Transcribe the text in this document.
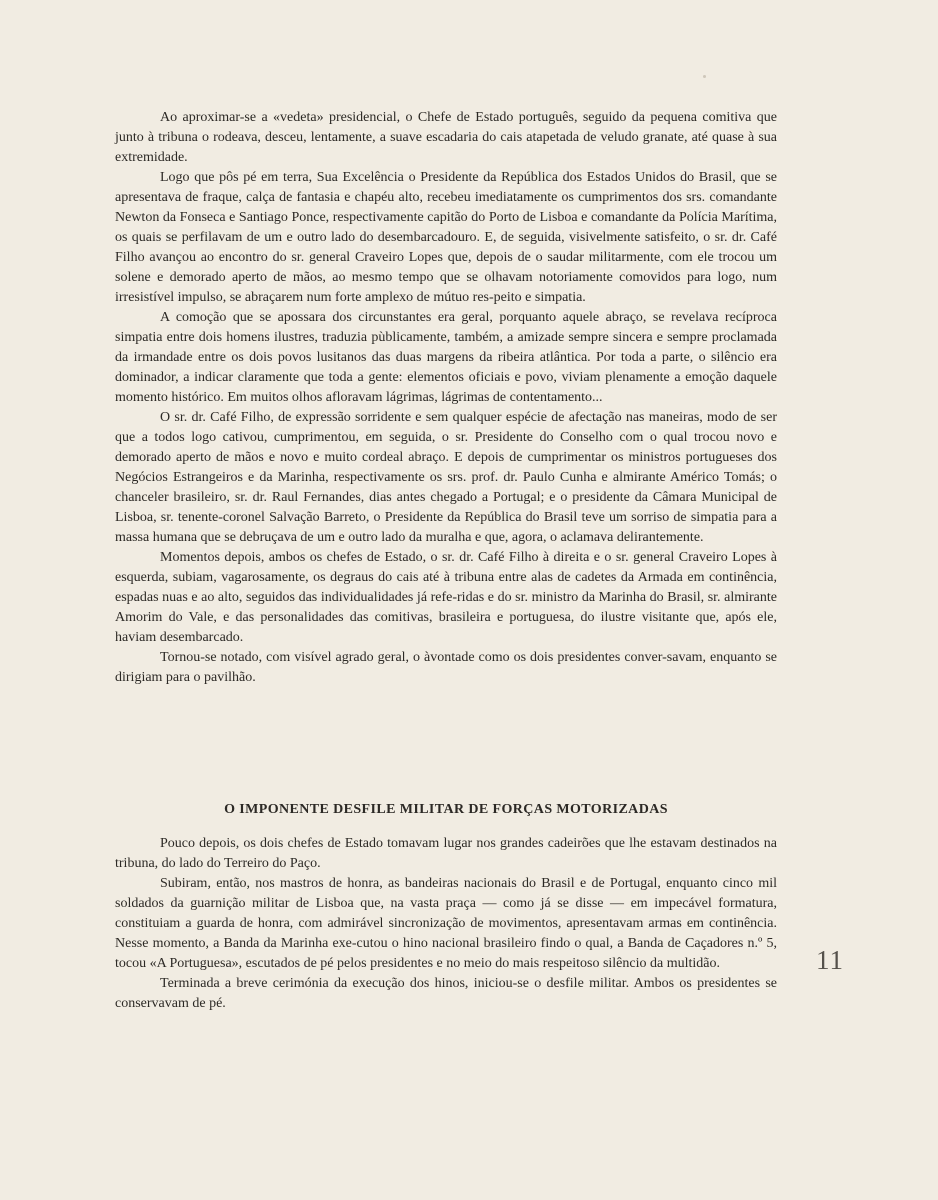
Ao aproximar-se a «vedeta» presidencial, o Chefe de Estado português, seguido da pequena comitiva que junto à tribuna o rodeava, desceu, lentamente, a suave escadaria do cais atapetada de veludo granate, até quase à sua extremidade.

Logo que pôs pé em terra, Sua Excelência o Presidente da República dos Estados Unidos do Brasil, que se apresentava de fraque, calça de fantasia e chapéu alto, recebeu imediatamente os cumprimentos dos srs. comandante Newton da Fonseca e Santiago Ponce, respectivamente capitão do Porto de Lisboa e comandante da Polícia Marítima, os quais se perfilavam de um e outro lado do desembarcadouro. E, de seguida, visivelmente satisfeito, o sr. dr. Café Filho avançou ao encontro do sr. general Craveiro Lopes que, depois de o saudar militarmente, com ele trocou um solene e demorado aperto de mãos, ao mesmo tempo que se olhavam notoriamente comovidos para logo, num irresistível impulso, se abraçarem num forte amplexo de mútuo res-​peito e simpatia.

A comoção que se apossara dos circunstantes era geral, porquanto aquele abraço, se revelava recíproca simpatia entre dois homens ilustres, traduzia pùblicamente, também, a amizade sempre sincera e sempre proclamada da irmandade entre os dois povos lusitanos das duas margens da ribeira atlântica. Por toda a parte, o silêncio era dominador, a indicar claramente que toda a gente: elementos oficiais e povo, viviam plenamente a emoção daquele momento histórico. Em muitos olhos afloravam lágrimas, lágrimas de contentamento...

O sr. dr. Café Filho, de expressão sorridente e sem qualquer espécie de afectação nas maneiras, modo de ser que a todos logo cativou, cumprimentou, em seguida, o sr. Presidente do Conselho com o qual trocou novo e demorado aperto de mãos e novo e muito cordeal abraço. E depois de cumprimentar os ministros portugueses dos Negócios Estrangeiros e da Marinha, respectivamente os srs. prof. dr. Paulo Cunha e almirante Américo Tomás; o chanceler brasileiro, sr. dr. Raul Fernandes, dias antes chegado a Portugal; e o presidente da Câmara Municipal de Lisboa, sr. tenente-coronel Salvação Barreto, o Presidente da República do Brasil teve um sorriso de simpatia para a massa humana que se debruçava de um e outro lado da muralha e que, agora, o aclamava delirantemente.

Momentos depois, ambos os chefes de Estado, o sr. dr. Café Filho à direita e o sr. general Craveiro Lopes à esquerda, subiam, vagarosamente, os degraus do cais até à tribuna entre alas de cadetes da Armada em continência, espadas nuas e ao alto, seguidos das individualidades já refe-​ridas e do sr. ministro da Marinha do Brasil, sr. almirante Amorim do Vale, e das personalidades das comitivas, brasileira e portuguesa, do ilustre visitante que, após ele, haviam desembarcado.

Tornou-se notado, com visível agrado geral, o àvontade como os dois presidentes conver-​savam, enquanto se dirigiam para o pavilhão.

O IMPONENTE DESFILE MILITAR DE FORÇAS MOTORIZADAS

Pouco depois, os dois chefes de Estado tomavam lugar nos grandes cadeirões que lhe estavam destinados na tribuna, do lado do Terreiro do Paço.

Subiram, então, nos mastros de honra, as bandeiras nacionais do Brasil e de Portugal, enquanto cinco mil soldados da guarnição militar de Lisboa que, na vasta praça — como já se disse — em impecável formatura, constituiam a guarda de honra, com admirável sincronização de movimentos, apresentavam armas em continência. Nesse momento, a Banda da Marinha exe-​cutou o hino nacional brasileiro findo o qual, a Banda de Caçadores n.º 5, tocou «A Portuguesa», escutados de pé pelos presidentes e no meio do mais respeitoso silêncio da multidão.

Terminada a breve cerimónia da execução dos hinos, iniciou-se o desfile militar. Ambos os presidentes se conservavam de pé.

11
